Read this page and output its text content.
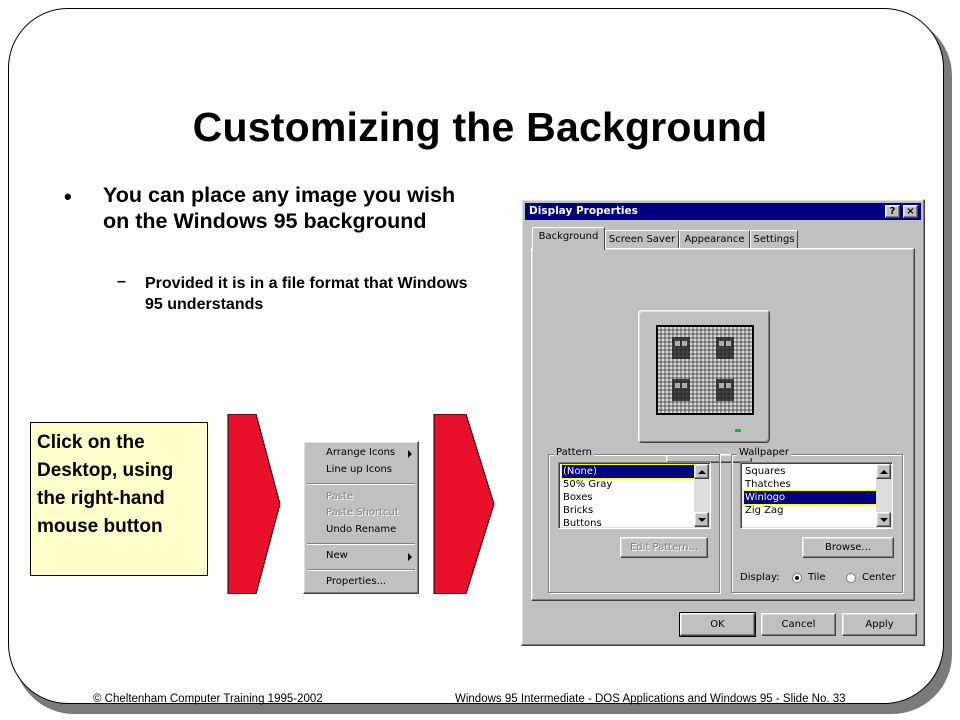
Customizing the Background
• You can place any image you wish on the Windows 95 background
– Provided it is in a file format that Windows 95 understands
Click on the Desktop, using the right-hand mouse button
Arrange Icons
Line up Icons
Paste
Paste Shortcut
Undo Rename
New
Properties...
Display Properties	?	×
Background	Screen Saver Appearance Settings
Pattern
(None)
50% Gray
Boxes
Bricks
Buttons
Edit Pattern...
Wallpaper
Squares
Thatches
Winlogo
Zig Zag
Browse...
Display:	Tile	Center
OK	Cancel	Apply
© Cheltenham Computer Training 1995-2002	Windows 95 Intermediate - DOS Applications and Windows 95 - Slide No. 33
